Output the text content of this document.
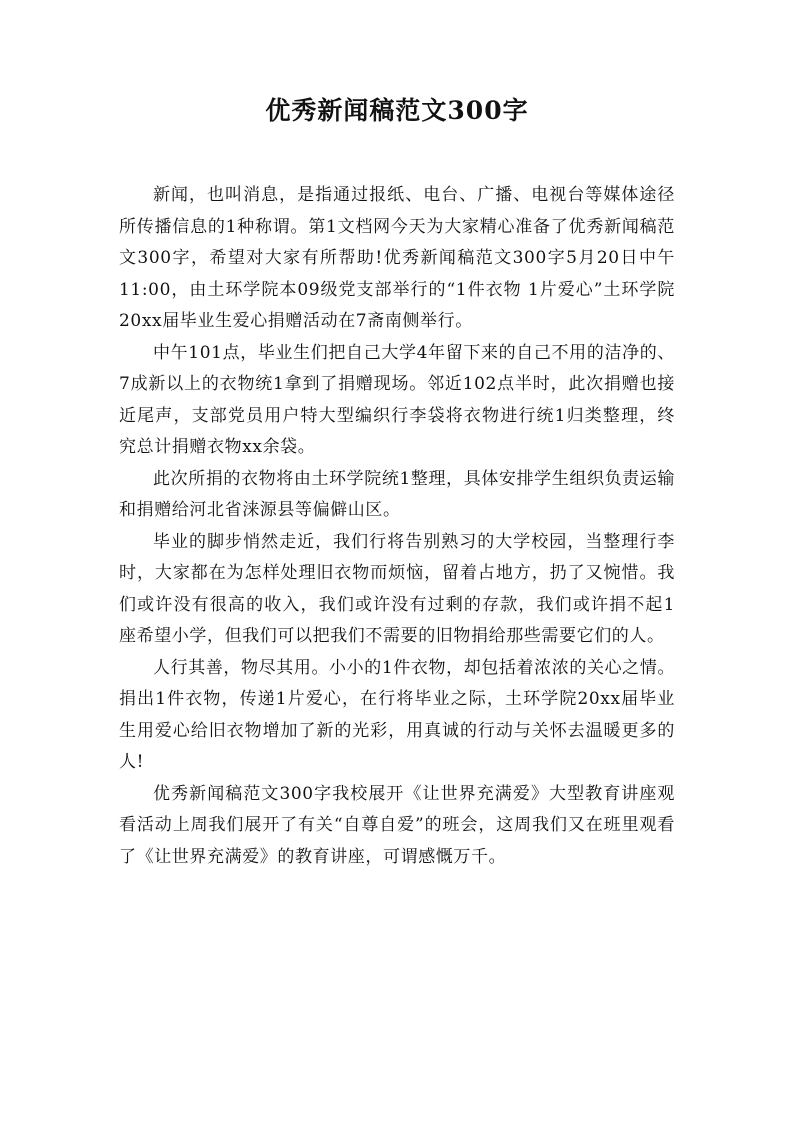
优秀新闻稿范文300字

新闻，也叫消息，是指通过报纸、电台、广播、电视台等媒体途径所传播信息的1种称谓。第1文档网今天为大家精心准备了优秀新闻稿范文300字，希望对大家有所帮助!优秀新闻稿范文300字5月20日中午11:00，由土环学院本09级党支部举行的“1件衣物 1片爱心”土环学院20xx届毕业生爱心捐赠活动在7斋南侧举行。

中午101点，毕业生们把自己大学4年留下来的自己不用的洁净的、7成新以上的衣物统1拿到了捐赠现场。邻近102点半时，此次捐赠也接近尾声，支部党员用户特大型编织行李袋将衣物进行统1归类整理，终究总计捐赠衣物xx余袋。

此次所捐的衣物将由土环学院统1整理，具体安排学生组织负责运输和捐赠给河北省涞源县等偏僻山区。

毕业的脚步悄然走近，我们行将告别熟习的大学校园，当整理行李时，大家都在为怎样处理旧衣物而烦恼，留着占地方，扔了又惋惜。我们或许没有很高的收入，我们或许没有过剩的存款，我们或许捐不起1座希望小学，但我们可以把我们不需要的旧物捐给那些需要它们的人。

人行其善，物尽其用。小小的1件衣物，却包括着浓浓的关心之情。捐出1件衣物，传递1片爱心，在行将毕业之际，土环学院20xx届毕业生用爱心给旧衣物增加了新的光彩，用真诚的行动与关怀去温暖更多的人!

优秀新闻稿范文300字我校展开《让世界充满爱》大型教育讲座观看活动上周我们展开了有关“自尊自爱”的班会，这周我们又在班里观看了《让世界充满爱》的教育讲座，可谓感慨万千。
